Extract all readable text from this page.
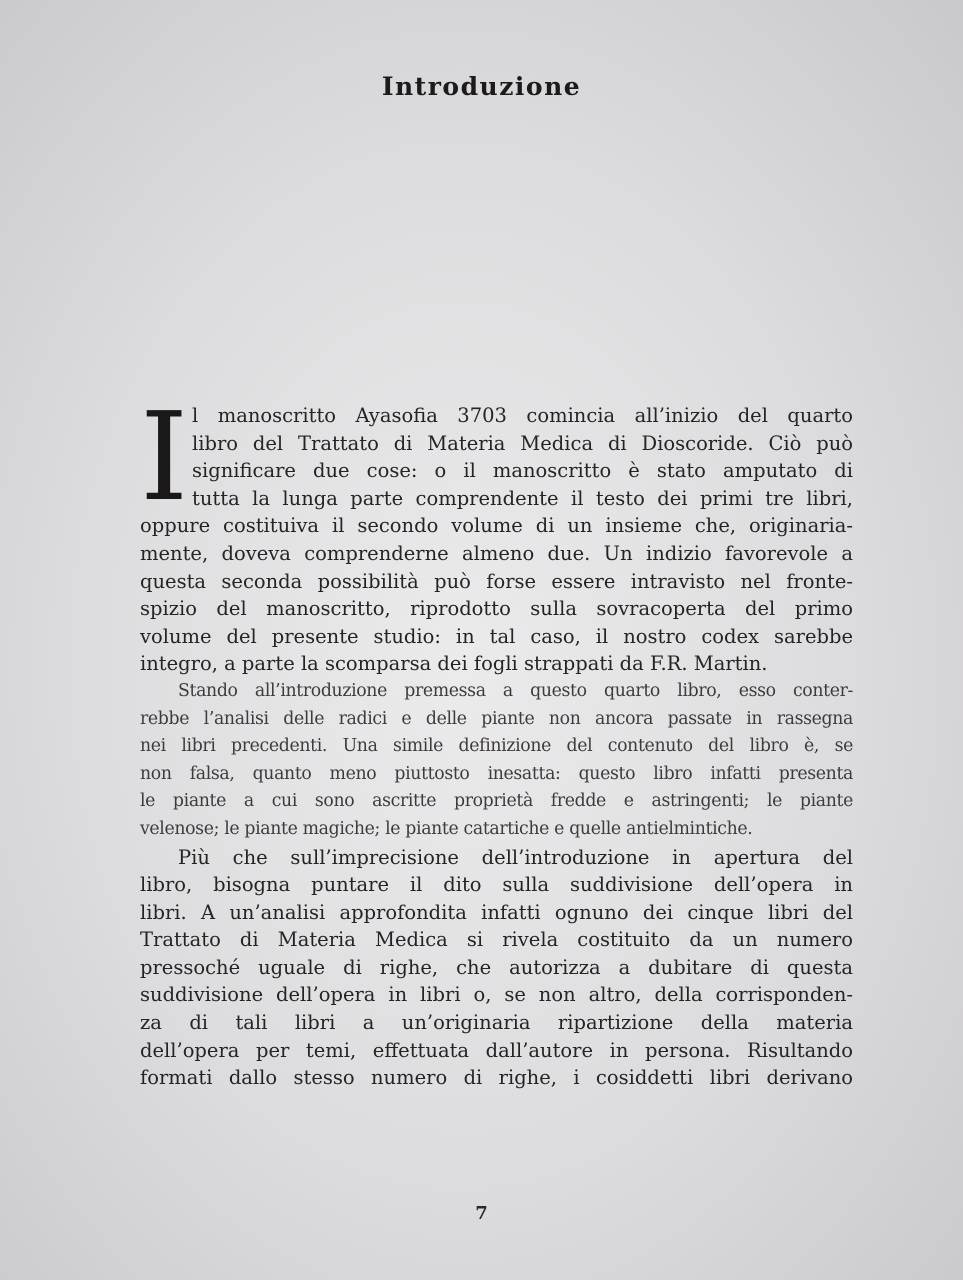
Introduzione
I l manoscritto Ayasofia 3703 comincia all’inizio del quarto
libro del Trattato di Materia Medica di Dioscoride. Ciò può
significare due cose: o il manoscritto è stato amputato di
tutta la lunga parte comprendente il testo dei primi tre libri,
oppure costituiva il secondo volume di un insieme che, originaria-
mente, doveva comprenderne almeno due. Un indizio favorevole a
questa seconda possibilità può forse essere intravisto nel fronte-
spizio del manoscritto, riprodotto sulla sovracoperta del primo
volume del presente studio: in tal caso, il nostro codex sarebbe
integro, a parte la scomparsa dei fogli strappati da F.R. Martin.
Stando all’introduzione premessa a questo quarto libro, esso conter-
rebbe l’analisi delle radici e delle piante non ancora passate in rassegna
nei libri precedenti. Una simile definizione del contenuto del libro è, se
non falsa, quanto meno piuttosto inesatta: questo libro infatti presenta
le piante a cui sono ascritte proprietà fredde e astringenti; le piante
velenose; le piante magiche; le piante catartiche e quelle antielmintiche.
Più che sull’imprecisione dell’introduzione in apertura del
libro, bisogna puntare il dito sulla suddivisione dell’opera in
libri. A un’analisi approfondita infatti ognuno dei cinque libri del
Trattato di Materia Medica si rivela costituito da un numero
pressoché uguale di righe, che autorizza a dubitare di questa
suddivisione dell’opera in libri o, se non altro, della corrisponden-
za di tali libri a un’originaria ripartizione della materia
dell’opera per temi, effettuata dall’autore in persona. Risultando
formati dallo stesso numero di righe, i cosiddetti libri derivano
7
